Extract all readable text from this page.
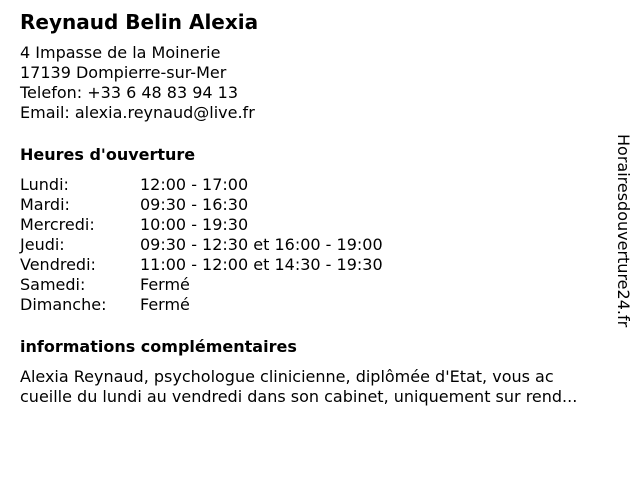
Reynaud Belin Alexia
4 Impasse de la Moinerie
17139 Dompierre-sur-Mer
Telefon: +33 6 48 83 94 13
Email: alexia.reynaud@live.fr
Heures d'ouverture
Lundi:	12:00 - 17:00
Mardi:	09:30 - 16:30
Mercredi:	10:00 - 19:30
Jeudi:	09:30 - 12:30 et 16:00 - 19:00
Vendredi:	11:00 - 12:00 et 14:30 - 19:30
Samedi:	Fermé
Dimanche:	Fermé
informations complémentaires
Alexia Reynaud, psychologue clinicienne, diplômée d'Etat, vous ac
cueille du lundi au vendredi dans son cabinet, uniquement sur rend...
Horairesdouverture24.fr
